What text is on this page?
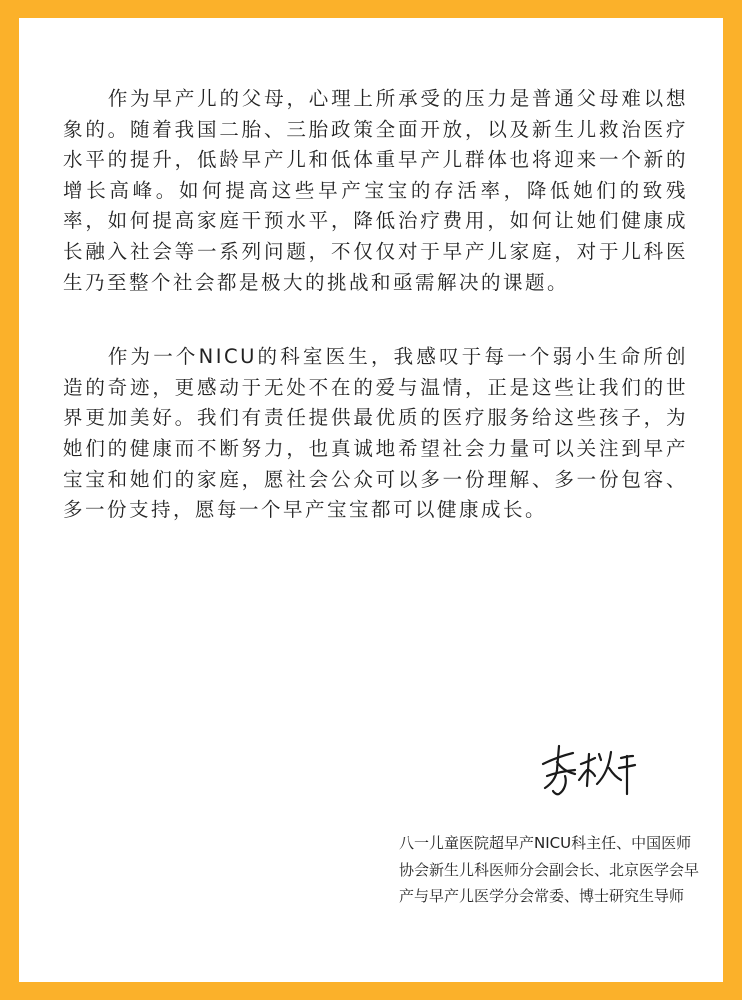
作为早产儿的父母，心理上所承受的压力是普通父母难以想象的。随着我国二胎、三胎政策全面开放，以及新生儿救治医疗水平的提升，低龄早产儿和低体重早产儿群体也将迎来一个新的增长高峰。如何提高这些早产宝宝的存活率，降低她们的致残率，如何提高家庭干预水平，降低治疗费用，如何让她们健康成长融入社会等一系列问题，不仅仅对于早产儿家庭，对于儿科医生乃至整个社会都是极大的挑战和亟需解决的课题。

作为一个NICU的科室医生，我感叹于每一个弱小生命所创造的奇迹，更感动于无处不在的爱与温情，正是这些让我们的世界更加美好。我们有责任提供最优质的医疗服务给这些孩子，为她们的健康而不断努力，也真诚地希望社会力量可以关注到早产宝宝和她们的家庭，愿社会公众可以多一份理解、多一份包容、多一份支持，愿每一个早产宝宝都可以健康成长。

八一儿童医院超早产NICU科主任、中国医师协会新生儿科医师分会副会长、北京医学会早产与早产儿医学分会常委、博士研究生导师
